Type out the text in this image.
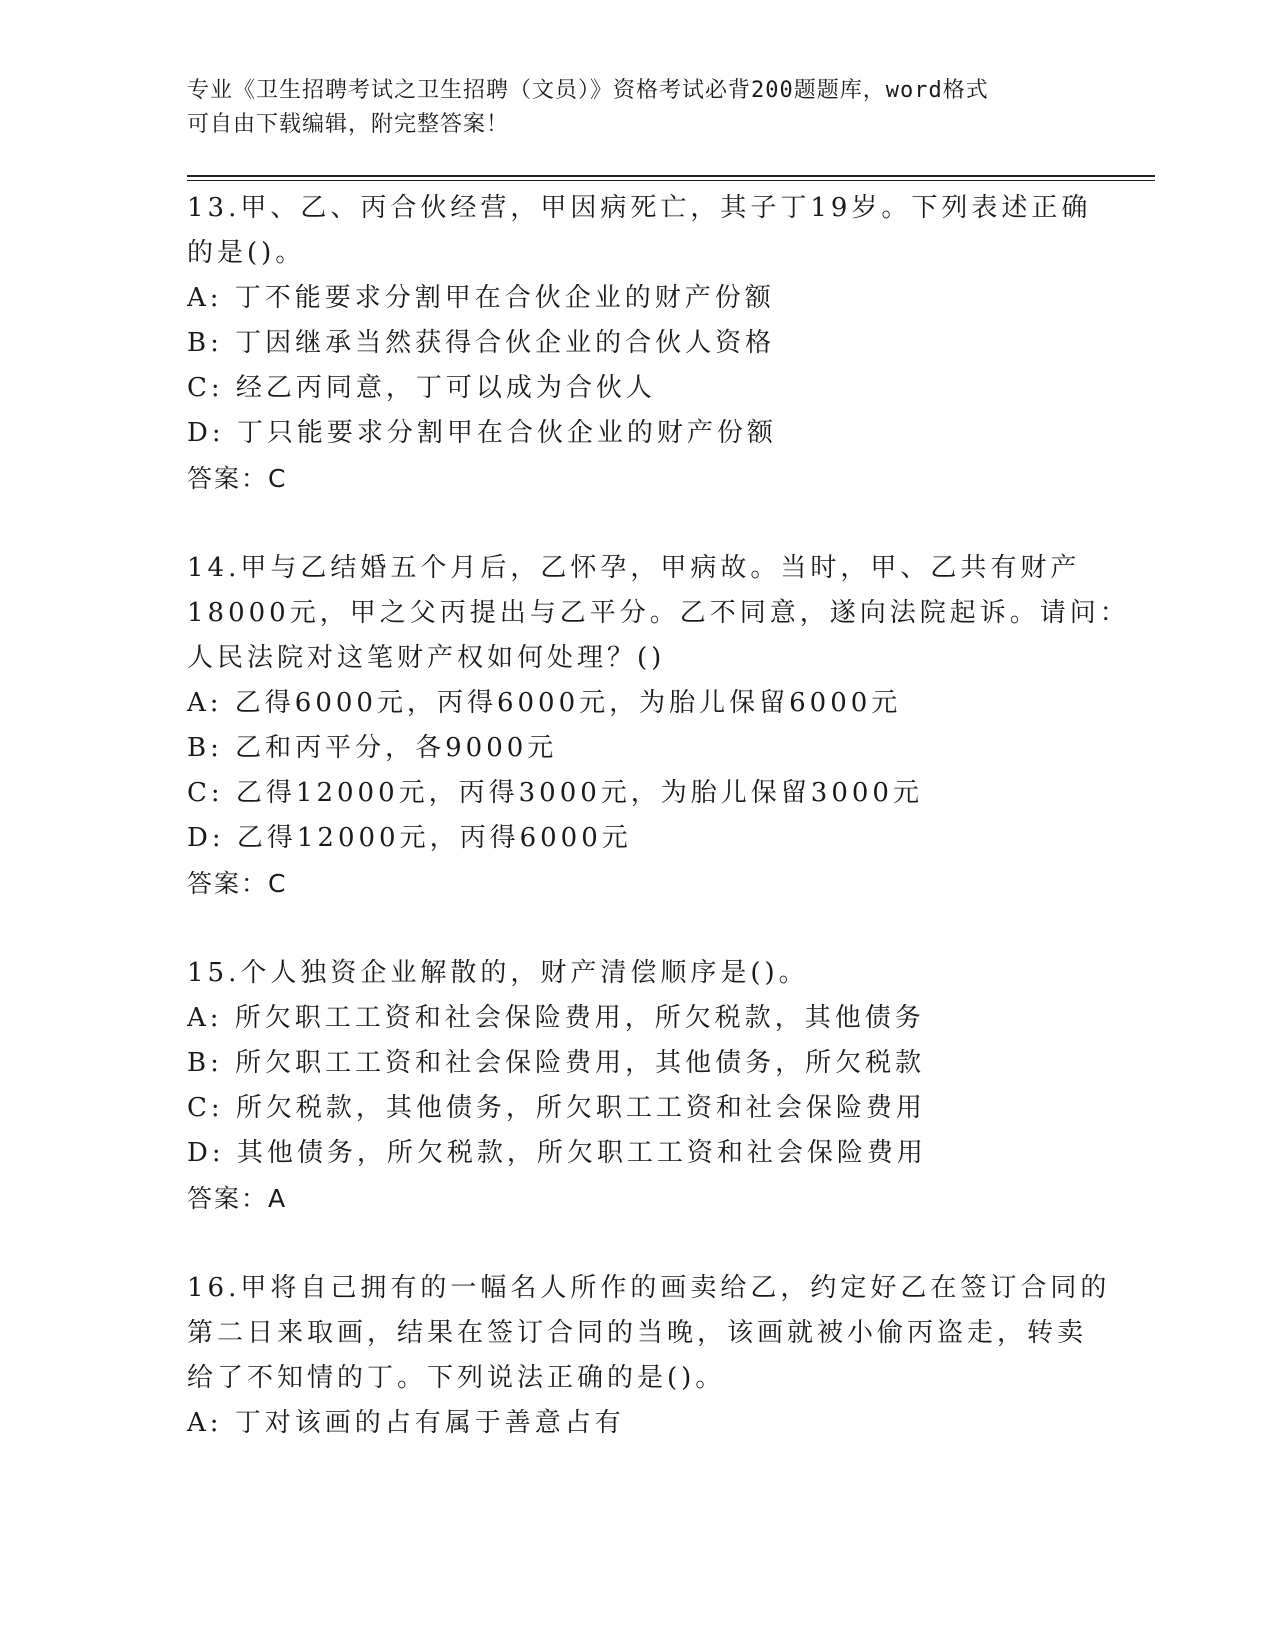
专业《卫生招聘考试之卫生招聘（文员）》资格考试必背200题题库，word格式
可自由下载编辑，附完整答案！
13.甲、乙、丙合伙经营，甲因病死亡，其子丁19岁。下列表述正确
的是()。
A: 丁不能要求分割甲在合伙企业的财产份额
B: 丁因继承当然获得合伙企业的合伙人资格
C: 经乙丙同意，丁可以成为合伙人
D: 丁只能要求分割甲在合伙企业的财产份额
答案：C
14.甲与乙结婚五个月后，乙怀孕，甲病故。当时，甲、乙共有财产
18000元，甲之父丙提出与乙平分。乙不同意，遂向法院起诉。请问：
人民法院对这笔财产权如何处理？()
A: 乙得6000元，丙得6000元，为胎儿保留6000元
B: 乙和丙平分，各9000元
C: 乙得12000元，丙得3000元，为胎儿保留3000元
D: 乙得12000元，丙得6000元
答案：C
15.个人独资企业解散的，财产清偿顺序是()。
A: 所欠职工工资和社会保险费用，所欠税款，其他债务
B: 所欠职工工资和社会保险费用，其他债务，所欠税款
C: 所欠税款，其他债务，所欠职工工资和社会保险费用
D: 其他债务，所欠税款，所欠职工工资和社会保险费用
答案：A
16.甲将自己拥有的一幅名人所作的画卖给乙，约定好乙在签订合同的
第二日来取画，结果在签订合同的当晚，该画就被小偷丙盗走，转卖
给了不知情的丁。下列说法正确的是()。
A: 丁对该画的占有属于善意占有
